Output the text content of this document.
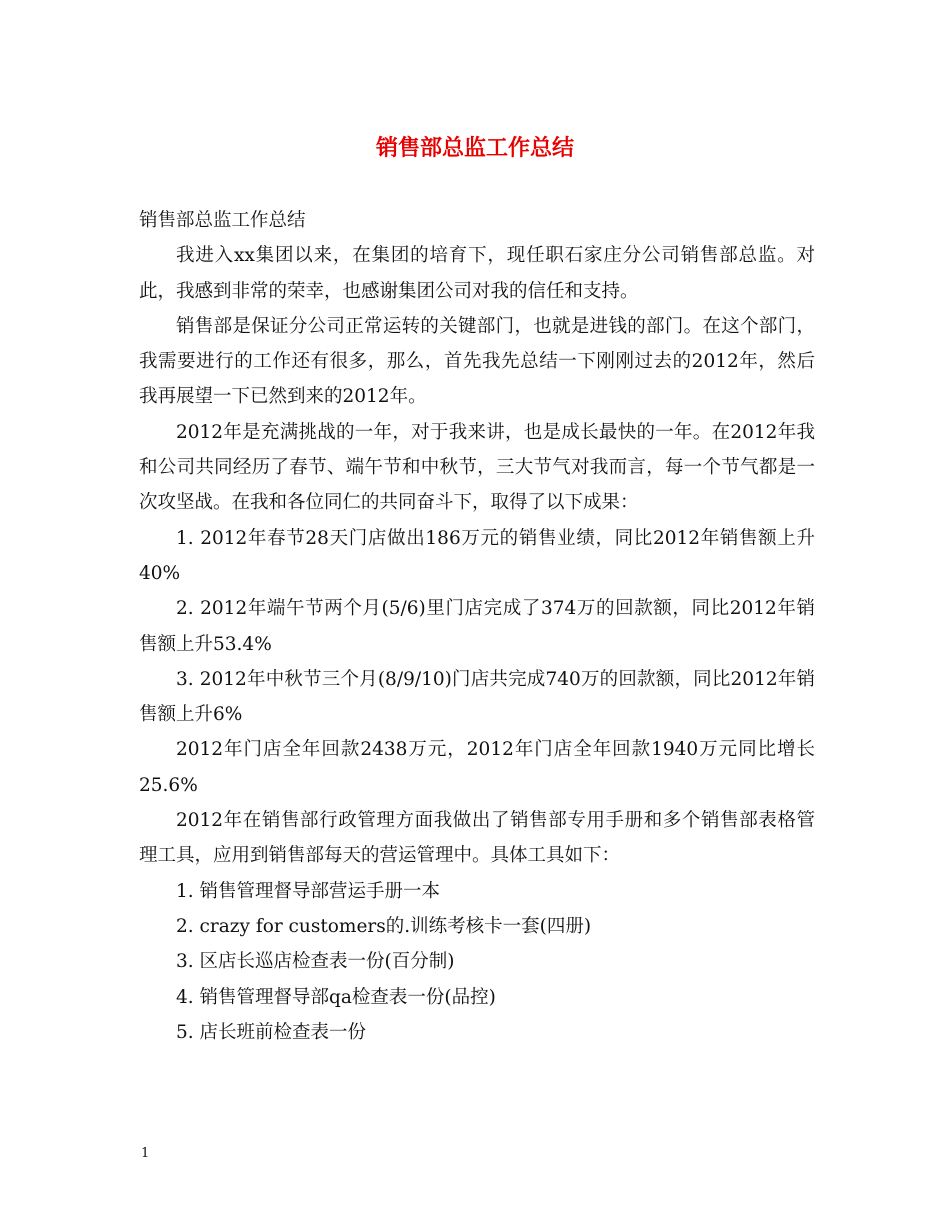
销售部总监工作总结

销售部总监工作总结

我进入xx集团以来，在集团的培育下，现任职石家庄分公司销售部总监。对此，我感到非常的荣幸，也感谢集团公司对我的信任和支持。

销售部是保证分公司正常运转的关键部门，也就是进钱的部门。在这个部门，我需要进行的工作还有很多，那么，首先我先总结一下刚刚过去的2012年，然后我再展望一下已然到来的2012年。

2012年是充满挑战的一年，对于我来讲，也是成长最快的一年。在2012年我和公司共同经历了春节、端午节和中秋节，三大节气对我而言，每一个节气都是一次攻坚战。在我和各位同仁的共同奋斗下，取得了以下成果：

1. 2012年春节28天门店做出186万元的销售业绩，同比2012年销售额上升40%

2. 2012年端午节两个月(5/6)里门店完成了374万的回款额，同比2012年销售额上升53.4%

3. 2012年中秋节三个月(8/9/10)门店共完成740万的回款额，同比2012年销售额上升6%

2012年门店全年回款2438万元，2012年门店全年回款1940万元同比增长25.6%

2012年在销售部行政管理方面我做出了销售部专用手册和多个销售部表格管理工具，应用到销售部每天的营运管理中。具体工具如下：

1. 销售管理督导部营运手册一本

2. crazy for customers的.训练考核卡一套(四册)

3. 区店长巡店检查表一份(百分制)

4. 销售管理督导部qa检查表一份(品控)

5. 店长班前检查表一份

1
